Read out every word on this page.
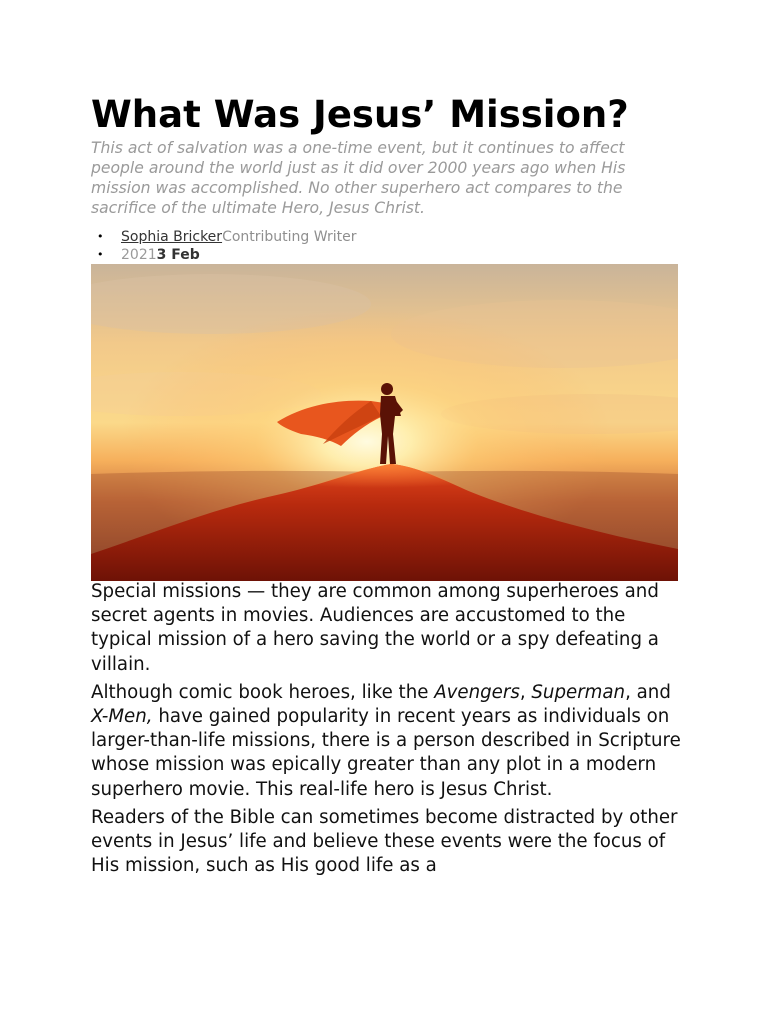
What Was Jesus’ Mission?

This act of salvation was a one-time event, but it continues to affect people around the world just as it did over 2000 years ago when His mission was accomplished. No other superhero act compares to the sacrifice of the ultimate Hero, Jesus Christ.

• Sophia BrickerContributing Writer
• 20213 Feb

Special missions — they are common among superheroes and secret agents in movies. Audiences are accustomed to the typical mission of a hero saving the world or a spy defeating a villain.

Although comic book heroes, like the Avengers, Superman, and X-Men, have gained popularity in recent years as individuals on larger-than-life missions, there is a person described in Scripture whose mission was epically greater than any plot in a modern superhero movie. This real-life hero is Jesus Christ.

Readers of the Bible can sometimes become distracted by other events in Jesus’ life and believe these events were the focus of His mission, such as His good life as a
